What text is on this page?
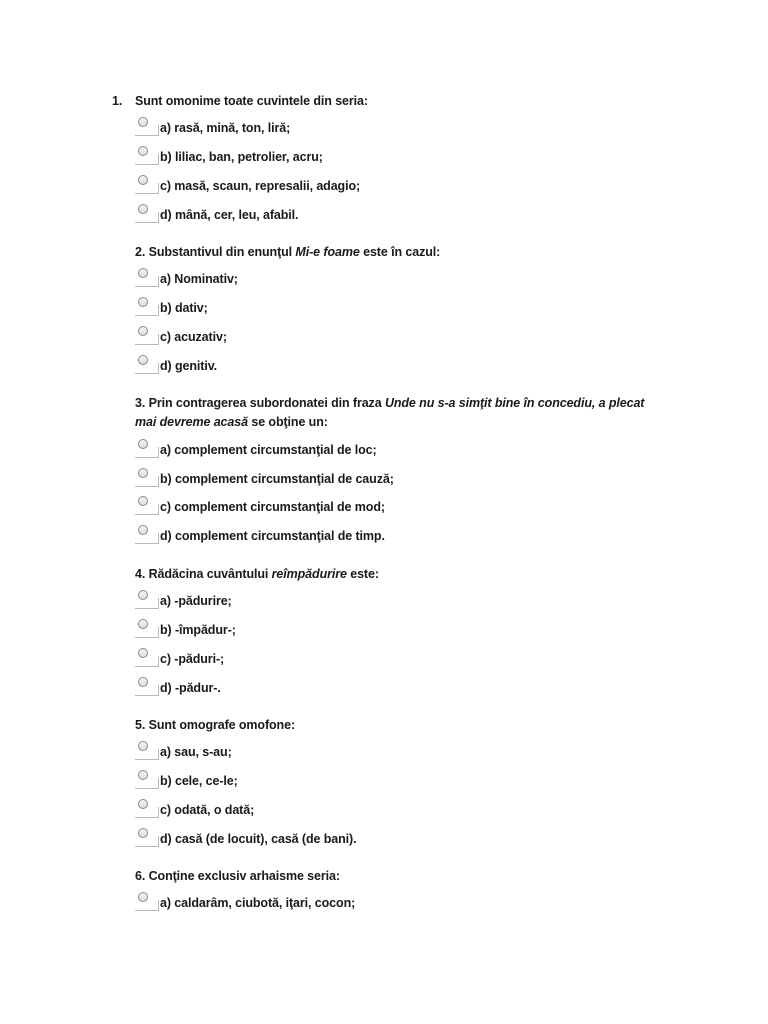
1. Sunt omonime toate cuvintele din seria:
a) rasă, mină, ton, liră;
b) liliac, ban, petrolier, acru;
c) masă, scaun, represalii, adagio;
d) mână, cer, leu, afabil.
2. Substantivul din enunţul Mi-e foame este în cazul:
a) Nominativ;
b) dativ;
c) acuzativ;
d) genitiv.
3. Prin contragerea subordonatei din fraza Unde nu s-a simţit bine în concediu, a plecat mai devreme acasă se obţine un:
a) complement circumstanţial de loc;
b) complement circumstanţial de cauză;
c) complement circumstanţial de mod;
d) complement circumstanţial de timp.
4. Rădăcina cuvântului reîmpădurire este:
a) -pădurire;
b) -împădur-;
c) -păduri-;
d) -pădur-.
5. Sunt omografe omofone:
a) sau, s-au;
b) cele, ce-le;
c) odată, o dată;
d) casă (de locuit), casă (de bani).
6. Conţine exclusiv arhaisme seria:
a) caldarâm, ciubotă, iţari, cocon;
